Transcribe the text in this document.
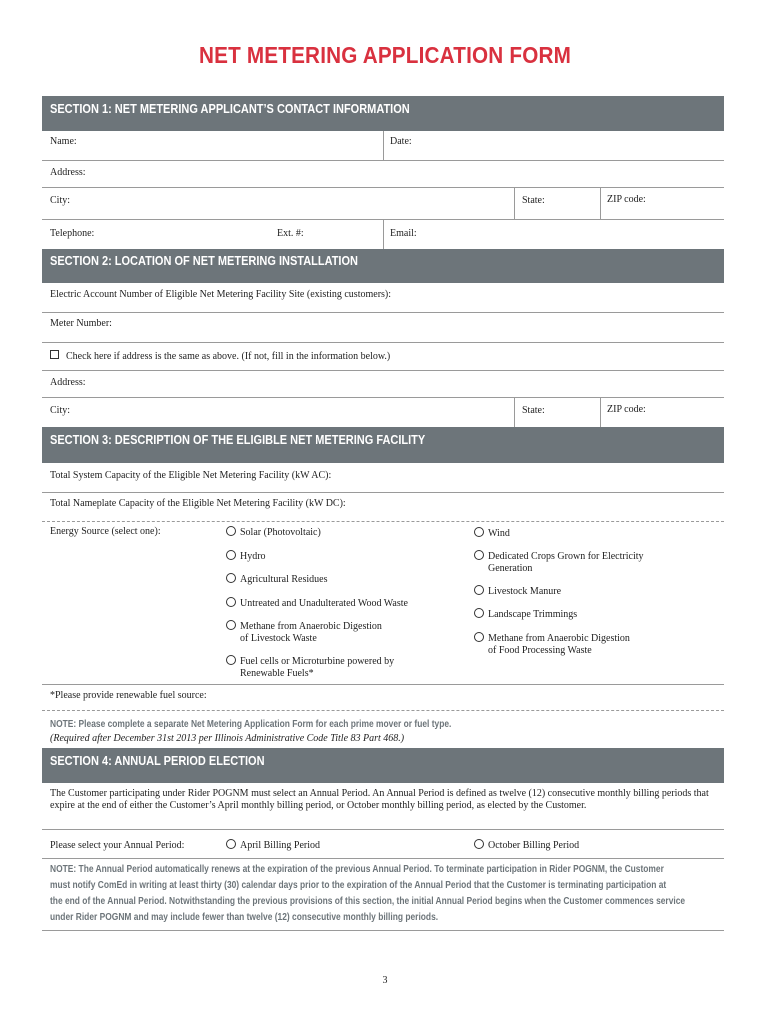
NET METERING APPLICATION FORM
SECTION 1: NET METERING APPLICANT’S CONTACT INFORMATION
Name:	Date:
Address:
City:	State:	ZIP code:
Telephone:	Ext. #:	Email:
SECTION 2: LOCATION OF NET METERING INSTALLATION
Electric Account Number of Eligible Net Metering Facility Site (existing customers):
Meter Number:
Check here if address is the same as above. (If not, fill in the information below.)
Address:
City:	State:	ZIP code:
SECTION 3: DESCRIPTION OF THE ELIGIBLE NET METERING FACILITY
Total System Capacity of the Eligible Net Metering Facility (kW AC):
Total Nameplate Capacity of the Eligible Net Metering Facility (kW DC):
Energy Source (select one):	Solar (Photovoltaic)
Hydro
Agricultural Residues
Untreated and Unadulterated Wood Waste
Methane from Anaerobic Digestion
of Livestock Waste
Fuel cells or Microturbine powered by
Renewable Fuels*
Wind
Dedicated Crops Grown for Electricity
Generation
Livestock Manure
Landscape Trimmings
Methane from Anaerobic Digestion
of Food Processing Waste
*Please provide renewable fuel source:
NOTE: Please complete a separate Net Metering Application Form for each prime mover or fuel type.
(Required after December 31st 2013 per Illinois Administrative Code Title 83 Part 468.)
SECTION 4: ANNUAL PERIOD ELECTION
The Customer participating under Rider POGNM must select an Annual Period. An Annual Period is defined as twelve (12) consecutive monthly billing periods that expire at the end of either the Customer’s April monthly billing period, or October monthly billing period, as elected by the Customer.
Please select your Annual Period:	April Billing Period	October Billing Period
NOTE: The Annual Period automatically renews at the expiration of the previous Annual Period. To terminate participation in Rider POGNM, the Customer
must notify ComEd in writing at least thirty (30) calendar days prior to the expiration of the Annual Period that the Customer is terminating participation at
the end of the Annual Period. Notwithstanding the previous provisions of this section, the initial Annual Period begins when the Customer commences service
under Rider POGNM and may include fewer than twelve (12) consecutive monthly billing periods.
3
